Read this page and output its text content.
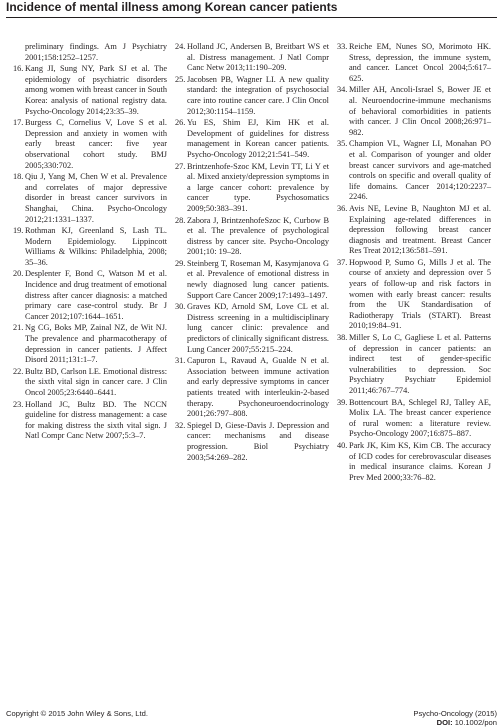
Incidence of mental illness among Korean cancer patients
preliminary findings. Am J Psychiatry 2001;158:1252–1257.
16. Kang JI, Sung NY, Park SJ et al. The epidemiology of psychiatric disorders among women with breast cancer in South Korea: analysis of national registry data. Psycho-Oncology 2014;23:35–39.
17. Burgess C, Cornelius V, Love S et al. Depression and anxiety in women with early breast cancer: five year observational cohort study. BMJ 2005;330:702.
18. Qiu J, Yang M, Chen W et al. Prevalence and correlates of major depressive disorder in breast cancer survivors in Shanghai, China. Psycho-Oncology 2012;21:1331–1337.
19. Rothman KJ, Greenland S, Lash TL. Modern Epidemiology. Lippincott Williams & Wilkins: Philadelphia, 2008; 35–36.
20. Desplenter F, Bond C, Watson M et al. Incidence and drug treatment of emotional distress after cancer diagnosis: a matched primary care case-control study. Br J Cancer 2012;107:1644–1651.
21. Ng CG, Boks MP, Zainal NZ, de Wit NJ. The prevalence and pharmacotherapy of depression in cancer patients. J Affect Disord 2011;131:1–7.
22. Bultz BD, Carlson LE. Emotional distress: the sixth vital sign in cancer care. J Clin Oncol 2005;23:6440–6441.
23. Holland JC, Bultz BD. The NCCN guideline for distress management: a case for making distress the sixth vital sign. J Natl Compr Canc Netw 2007;5:3–7.
24. Holland JC, Andersen B, Breitbart WS et al. Distress management. J Natl Compr Canc Netw 2013;11:190–209.
25. Jacobsen PB, Wagner LI. A new quality standard: the integration of psychosocial care into routine cancer care. J Clin Oncol 2012;30:1154–1159.
26. Yu ES, Shim EJ, Kim HK et al. Development of guidelines for distress management in Korean cancer patients. Psycho-Oncology 2012;21:541–549.
27. Brintzenhofe-Szoc KM, Levin TT, Li Y et al. Mixed anxiety/depression symptoms in a large cancer cohort: prevalence by cancer type. Psychosomatics 2009;50:383–391.
28. Zabora J, BrintzenhofeSzoc K, Curbow B et al. The prevalence of psychological distress by cancer site. Psycho-Oncology 2001;10: 19–28.
29. Steinberg T, Roseman M, Kasymjanova G et al. Prevalence of emotional distress in newly diagnosed lung cancer patients. Support Care Cancer 2009;17:1493–1497.
30. Graves KD, Arnold SM, Love CL et al. Distress screening in a multidisciplinary lung cancer clinic: prevalence and predictors of clinically significant distress. Lung Cancer 2007;55:215–224.
31. Capuron L, Ravaud A, Gualde N et al. Association between immune activation and early depressive symptoms in cancer patients treated with interleukin-2-based therapy. Psychoneuroendocrinology 2001;26:797–808.
32. Spiegel D, Giese-Davis J. Depression and cancer: mechanisms and disease progression. Biol Psychiatry 2003;54:269–282.
33. Reiche EM, Nunes SO, Morimoto HK. Stress, depression, the immune system, and cancer. Lancet Oncol 2004;5:617–625.
34. Miller AH, Ancoli-Israel S, Bower JE et al. Neuroendocrine-immune mechanisms of behavioral comorbidities in patients with cancer. J Clin Oncol 2008;26:971–982.
35. Champion VL, Wagner LI, Monahan PO et al. Comparison of younger and older breast cancer survivors and age-matched controls on specific and overall quality of life domains. Cancer 2014;120:2237–2246.
36. Avis NE, Levine B, Naughton MJ et al. Explaining age-related differences in depression following breast cancer diagnosis and treatment. Breast Cancer Res Treat 2012;136:581–591.
37. Hopwood P, Sumo G, Mills J et al. The course of anxiety and depression over 5 years of follow-up and risk factors in women with early breast cancer: results from the UK Standardisation of Radiotherapy Trials (START). Breast 2010;19:84–91.
38. Miller S, Lo C, Gagliese L et al. Patterns of depression in cancer patients: an indirect test of gender-specific vulnerabilities to depression. Soc Psychiatry Psychiatr Epidemiol 2011;46:767–774.
39. Bottencourt BA, Schlegel RJ, Talley AE, Molix LA. The breast cancer experience of rural women: a literature review. Psycho-Oncology 2007;16:875–887.
40. Park JK, Kim KS, Kim CB. The accuracy of ICD codes for cerebrovascular diseases in medical insurance claims. Korean J Prev Med 2000;33:76–82.
Copyright © 2015 John Wiley & Sons, Ltd.	Psycho-Oncology (2015)
DOI: 10.1002/pon
